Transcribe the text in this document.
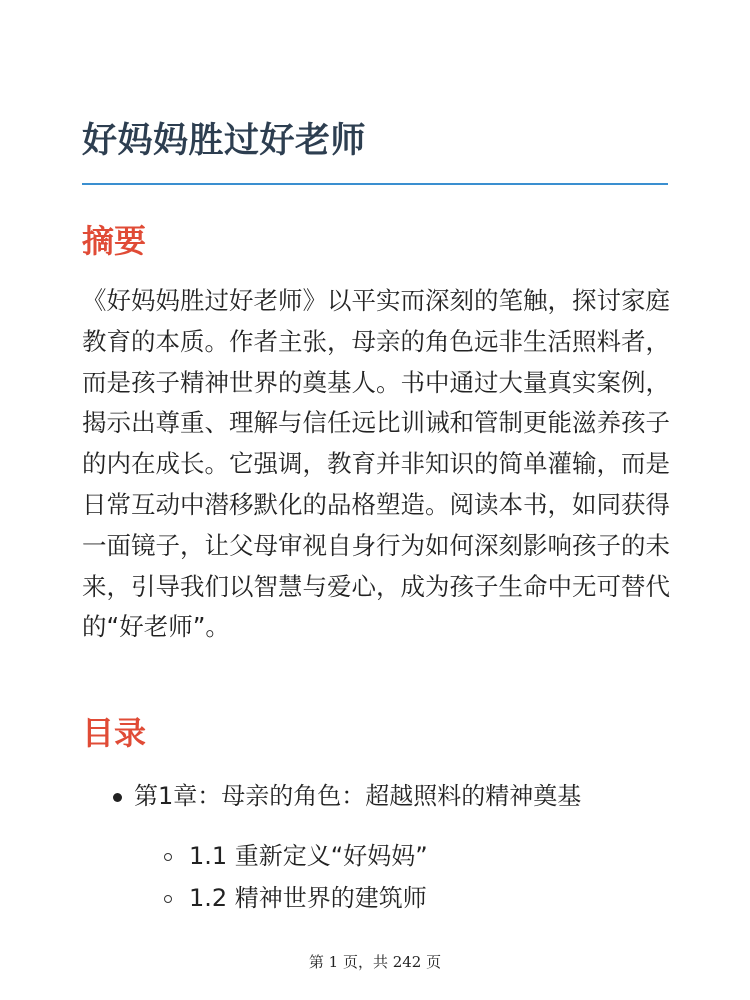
好妈妈胜过好老师
摘要

《好妈妈胜过好老师》以平实而深刻的笔触，探讨家庭教育的本质。作者主张，母亲的角色远非生活照料者，而是孩子精神世界的奠基人。书中通过大量真实案例，揭示出尊重、理解与信任远比训诫和管制更能滋养孩子的内在成长。它强调，教育并非知识的简单灌输，而是日常互动中潜移默化的品格塑造。阅读本书，如同获得一面镜子，让父母审视自身行为如何深刻影响孩子的未来，引导我们以智慧与爱心，成为孩子生命中无可替代的“好老师”。

目录
第1章：母亲的角色：超越照料的精神奠基
1.1 重新定义“好妈妈”
1.2 精神世界的建筑师
第 1 页，共 242 页
